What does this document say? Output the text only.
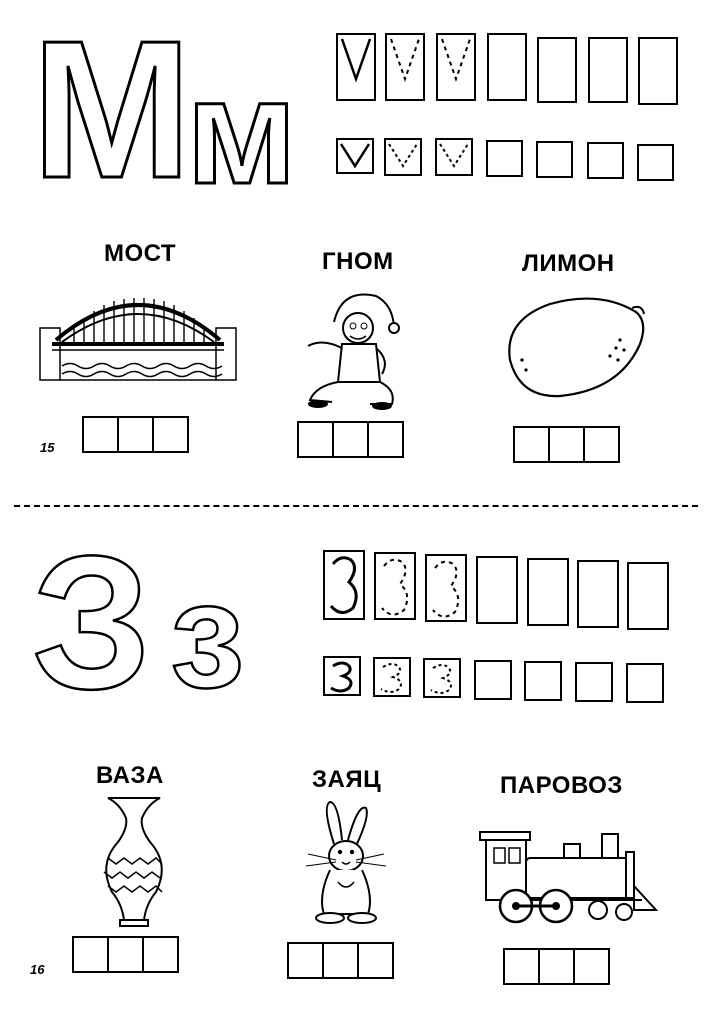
М
м
МОСТ
15
ГНОМ	ЛИМОН
З з
ВАЗА
16
ЗАЯЦ	ПАРОВОЗ
